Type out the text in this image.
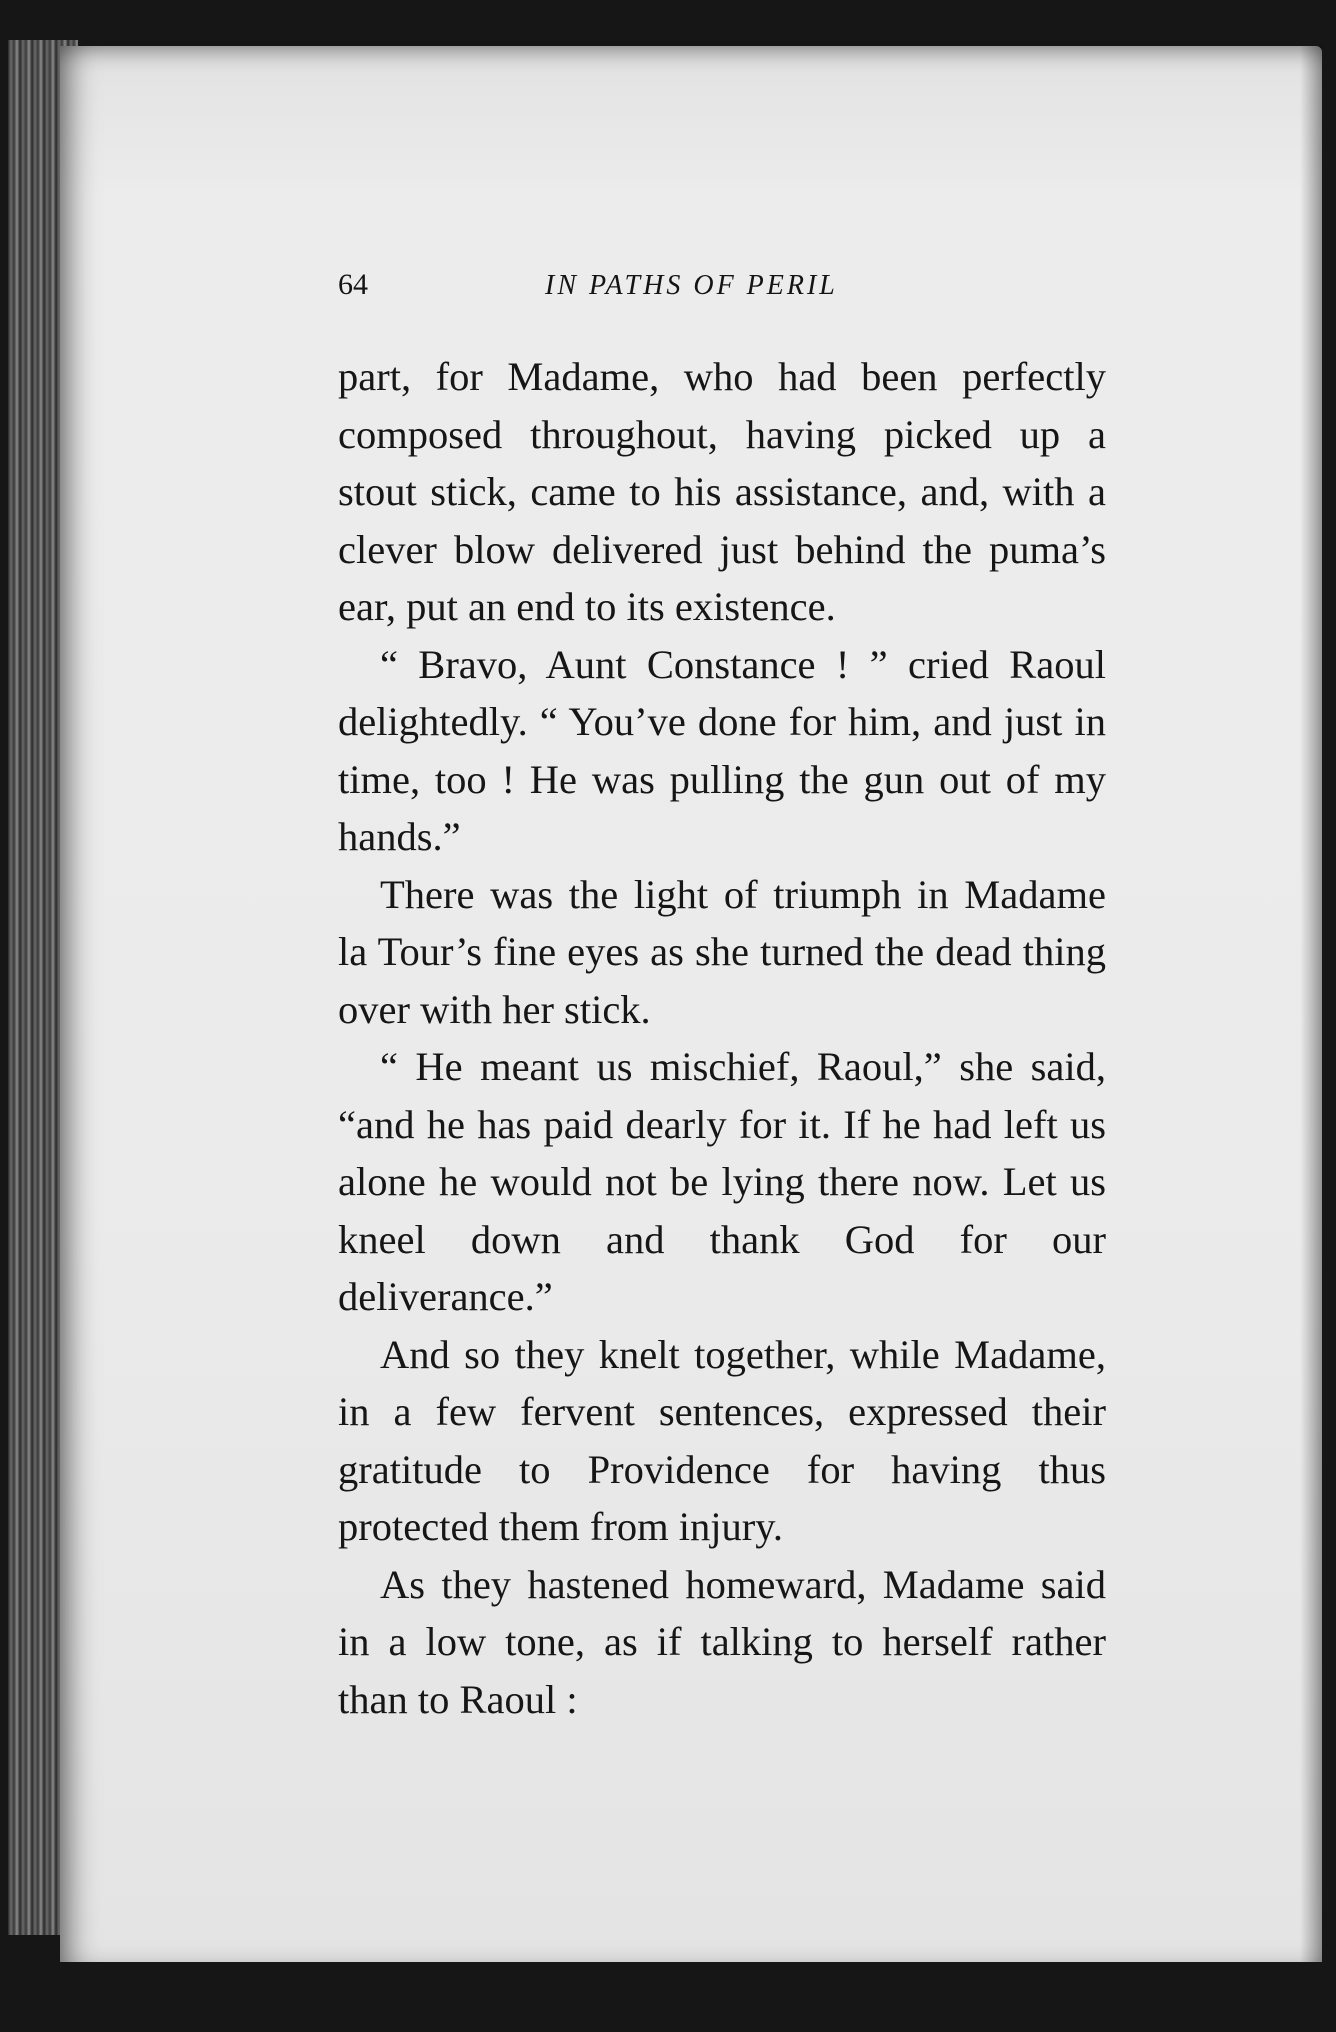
64	IN PATHS OF PERIL

part, for Madame, who had been perfectly composed throughout, having picked up a stout stick, came to his assistance, and, with a clever blow delivered just behind the puma’s ear, put an end to its existence.

“ Bravo, Aunt Constance ! ” cried Raoul delightedly. “ You’ve done for him, and just in time, too ! He was pulling the gun out of my hands.”

There was the light of triumph in Madame la Tour’s fine eyes as she turned the dead thing over with her stick.

“ He meant us mischief, Raoul,” she said, “and he has paid dearly for it. If he had left us alone he would not be lying there now. Let us kneel down and thank God for our deliverance.”

And so they knelt together, while Madame, in a few fervent sentences, expressed their gratitude to Providence for having thus protected them from injury.

As they hastened homeward, Madame said in a low tone, as if talking to herself rather than to Raoul :
